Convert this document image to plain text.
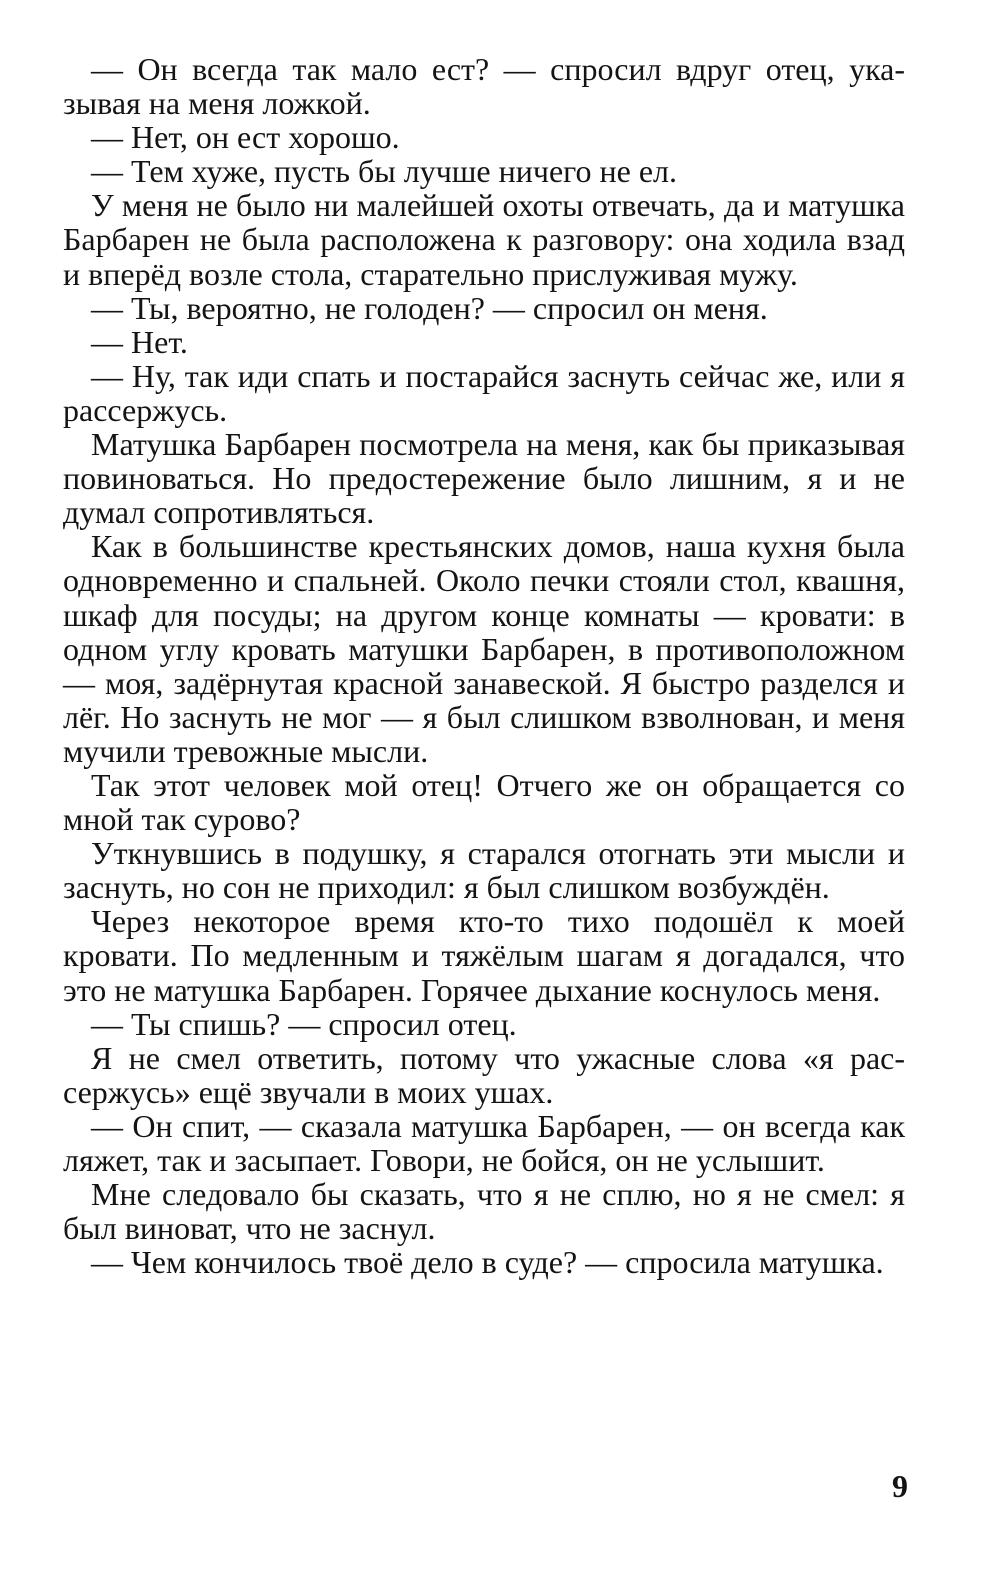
— Он всегда так мало ест? — спросил вдруг отец, указывая на меня ложкой.

— Нет, он ест хорошо.

— Тем хуже, пусть бы лучше ничего не ел.

У меня не было ни малейшей охоты отвечать, да и матушка Барбарен не была расположена к разговору: она ходила взад и вперёд возле стола, старательно прислуживая мужу.

— Ты, вероятно, не голоден? — спросил он меня.

— Нет.

— Ну, так иди спать и постарайся заснуть сейчас же, или я рассержусь.

Матушка Барбарен посмотрела на меня, как бы приказывая повиноваться. Но предостережение было лишним, я и не думал сопротивляться.

Как в большинстве крестьянских домов, наша кухня была одновременно и спальней. Около печки стояли стол, квашня, шкаф для посуды; на другом конце комнаты — кровати: в одном углу кровать матушки Барбарен, в противоположном — моя, задёрнутая красной занавеской. Я быстро разделся и лёг. Но заснуть не мог — я был слишком взволнован, и меня мучили тревожные мысли.

Так этот человек мой отец! Отчего же он обращается со мной так сурово?

Уткнувшись в подушку, я старался отогнать эти мысли и заснуть, но сон не приходил: я был слишком возбуждён.

Через некоторое время кто-то тихо подошёл к моей кровати. По медленным и тяжёлым шагам я догадался, что это не матушка Барбарен. Горячее дыхание коснулось меня.

— Ты спишь? — спросил отец.

Я не смел ответить, потому что ужасные слова «я рассержусь» ещё звучали в моих ушах.

— Он спит, — сказала матушка Барбарен, — он всегда как ляжет, так и засыпает. Говори, не бойся, он не услышит.

Мне следовало бы сказать, что я не сплю, но я не смел: я был виноват, что не заснул.

— Чем кончилось твоё дело в суде? — спросила матушка.

9
